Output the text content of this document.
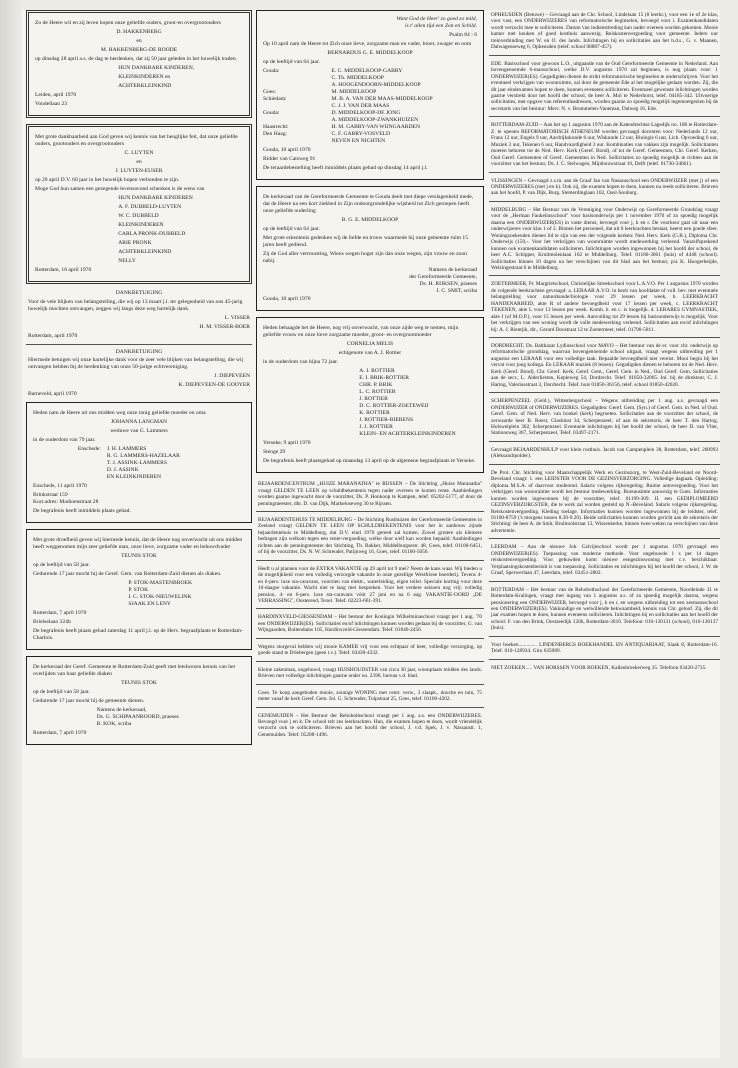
Zo de Heere wil en zij leven hopen onze geliefde ouders, groot-en overgrootouders

D. HAKKENBERG

en

M. HAKKENBERG-DE ROODE

op dinsdag 28 april a.s. de dag te herdenken, dat zij 50 jaar geleden in het huwelijk traden.

HUN DANKBARE KINDEREN,

KLEINKINDEREN en

ACHTERKLEINKIND

Leiden, april 1970

Vondellaan 23

Met grote dankbaarheid aan God geven wij kennis van het heuglijke feit, dat onze geliefde ouders, grootouders en overgrootouders

C. LUYTEN

en

J. LUYTEN-EUSER

op 20 april D.V. 60 jaar in het huwelijk hopen verbonden te zijn.

Moge God hun samen een gezegende levensavond schenken is de wens van

HUN DANKBARE KINDEREN

A. F. DUBBELD-LUYTEN

W. C. DUBBELD

KLEINKINDEREN

CARLA PRONK-DUBBELD

ARIE PRONK

ACHTERKLEINKIND

NELLY

Rotterdam, 16 april 1970

DANKBETUIGING

Voor de vele blijken van belangstelling, die wij op 13 maart j.l. ter gelegenheid van ons 45-jarig huwelijk mochten ontvangen, zeggen wij langs deze weg hartelijk dank.

L. VISSER

H. M. VISSER-BOER

Rotterdam, april 1970

DANKBETUIGING

Hiermede betuigen wij onze hartelijke dank voor de zeer vele blijken van belangstelling, die wij ontvangen hebben bij de herdenking van onze 50-jarige echtvereniging.

J. DIEPEVEEN

K. DIEPEVEEN-DE GOOYER

Barneveld, april 1970

Heden nam de Heere uit ons midden weg onze innig geliefde moeder en oma

JOHANNA LANGMAN

weduwe van G. Lammers

in de ouderdom van 79 jaar.

Enschede: J. H. LAMMERS
R. G. LAMMERS-HAZELAAR
T. J. ASSINK-LAMMERS
D. J. ASSINK
EN KLEINKINDEREN

Enschede, 11 april 1970

Brinkstraat 159

Korr.adres: Madioenstraat 28

De begrafenis heeft inmiddels plaats gehad.

Met grote droefheid geven wij hiermede kennis, dat de Heere nog onverwacht uit ons midden heeft weggenomen mijn zeer geliefde man, onze lieve, zorgzame vader en behuwdvader

TEUNIS STOK

op de leeftijd van 58 jaar.

Gedurende 17 jaar mocht hij de Geref. Gem. van Rotterdam-Zuid dienen als diaken.

P. STOK-MASTENBROEK

P. STOK

I. C. STOK-NIEUWELINK

SJAAK EN LENY

Rotterdam, 7 april 1970

Brielselaan 324b

De begrafenis heeft plaats gehad zaterdag 11 april j.l. op de Herv. begraafplaats te Rotterdam-Charlois.

De kerkeraad der Geref. Gemeente te Rotterdam-Zuid geeft met leedwezen kennis van het overlijden van haar geliefde diaken

TEUNIS STOK

op de leeftijd van 58 jaar.

Gedurende 17 jaar mocht hij de gemeente dienen.

Namens de kerkeraad,

Ds. G. SCHIPAANBOORD, praeses

B. KOK, scriba

Rotterdam, 7 april 1970

Want God de Heer' zo goed zo mild,

is t' allen tijd een Zon en Schild.

Psalm 84 : 6

Op 10 april nam de Heere tot Zich onze lieve, zorgzame man en vader, broer, zwager en oom

BERNARDUS G. E. MIDDELKOOP

op de leeftijd van 64 jaar.

Gouda:	E. C. MIDDELKOOP-GABRY
C. Th. MIDDELKOOP
A. HOOGENDOORN-MIDDELKOOP
Goes:	M. MIDDELKOOP
Schiedam:	M. B. A. VAN DER MAAS-MIDDELKOOP
C. J. J. VAN DER MAAS
Gouda:	D. MIDDELKOOP-DE JONG
A. MIDDELKOOP-ZWANKHUIZEN
Haastrecht:	H. M. GABRY-VAN WIJNGAARDEN
Den Haag:	C. F. GABRY-VOSVELD
NEVEN EN NICHTEN

Gouda, 10 april 1970

Ridder van Catsweg 91

De teraardebestelling heeft inmiddels plaats gehad op dinsdag 14 april j.l.

De kerkeraad van de Gereformeerde Gemeente te Gouda deelt met diepe verslagenheid mede, dat de Heere na een kort ziekbed in Zijn ondoorgrondelijke wijsheid tot Zich geroepen heeft onze geliefde ouderling

B. G. E. MIDDELKOOP

op de leeftijd van 64 jaar.

Met grote erkentenis gedenken wij de liefde en trouw waarmede hij onze gemeente ruim 15 jaren heeft gediend.

Zij de God aller vertroosting, Wiens wegen hoger zijn dan onze wegen, zijn vrouw en zoon nabij.

Namens de kerkeraad

der Gereformeerde Gemeente,

Ds. H. RIJKSEN, praeses

J. C. SMIT, scriba

Gouda, 10 april 1970

Heden behaagde het de Heere, nog vrij onverwacht, van onze zijde weg te nemen, mijn geliefde vrouw en onze lieve zorgzame moeder, groot- en overgrootmoeder

CORNELIA MELIS

echtgenote van A. J. Rottier

in de ouderdom van bijna 72 jaar.

A. J. ROTTIER
E. I. BRIK-ROTTIER
CHR. P. BRIK
L. C. ROTTIER
J. ROTTIER
D. C. ROTTIER-ZOETEWEIJ
K. ROTTIER
J. ROTTIER-BIERENS
J. J. ROTTIER
KLEIN- EN ACHTERKLEINKINDEREN

Yerseke, 9 april 1970

Stenge 29

De begrafenis heeft plaatsgehad op maandag 13 april op de algemene begraafplaats te Yerseke.

BEJAARDENCENTRUM „HUIZE MARANATHA" te RIJSSEN – De Stichting „Huize Maranatha" vraagt GELDEN TE LEEN op schuldbekentenis tegen nader overeen te komen rente. Aanbiedingen worden gaarne ingewacht door de voorzitter, Ds. P. Honkoop te Kampen, telef. 05202-5177, of door de penningmeester, dhr. D. van Dijk, Markeloseweg 30 te Rijssen.
BEJAARDENTEHUIS TE MIDDELBURG – De Stichting Rusthuizen der Gereformeerde Gemeenten in Zeeland vraagt GELDEN TE LEEN OP SCHULDBEKENTENIS voor het in aanbouw zijnde bejaardentehuis te Middelburg, dat D.V. eind 1970 gereed zal komen. Zowel grotere als kleinere bedragen zijn welkom tegen een rente-vergoeding, welke door u/elf kan worden bepaald. Aanbiedingen richten aan de penningmeester der Stichting, Th. Bakker, Middelburgsestr. 48, Goes, telef. 01100-6451, of bij de voorzitter, Ds. N. W. Schreuder, Patijnweg 16, Goes, telef. 01100-5056.
Heeft u al plannen voor de EXTRA VAKANTIE op 29 april tot 9 mei? Neem de kans waar. Wij bieden u de mogelijkheid voor een volledig verzorgde vakantie in onze gezellige Westfriese boerderij. Tevens 4- en 6-pers. luxe sta-caravans, voorzien van elektr., waterleiding, eigen toilet. Speciale korting voor deze 10-daagse vakantie. Wacht niet te lang met bespreken. Voor het verdere seizoen nog vrij: volledig pension, 4- en 6-pers. luxe sta-caravans vóór 27 juni en na 6 aug. VAKANTIE-OORD „DE VERRASSING", Oosterend, Texel. Telef. 02223-661-391.
HARDINXVELD-GIESSENDAM – Het bestuur der Koningin Wilhelminaschool vraagt per 1 aug. '70 een ONDERWIJZER(ES). Sollicitaties en/of inlichtingen kunnen worden gedaan bij de voorzitter, G. van Wijngaarden, Buitendams 105, Hardinxveld-Giessendam. Telef. 01846-2456.
Wegens storgeval hebben wij mooie KAMER vrij voor een echtpaar of heer, volledige verzorging, op goede stand te Driebergen (geen t.v.). Telef. 03438-4332.
Kleine zakenman, ongehuwd, vraagt HUISHOUDSTER van circa 30 jaar, woonplaats midden des lands. Brieven met volledige inlichtingen gaarne onder no. 2396, bureau v.d. blad.
Goes. Te koop aangeboden mooie, zonnige WONING met centr. verw., 3 slaapk., douche en tuin, 75 meter vanaf de kerk Geref. Gem. Inl. G. Schreuder, Tulpstraat 25, Goes, telef. 01100-4302.
GENEMUIDEN – Het Bestuur der Rehobothschool vraagt per 1 aug. a.s. een ONDERWIJZERES. Bevoegd voor j en k. De school telt zes leerkrachten. Hun, die examen hopen te doen, wordt vriendelijk verzocht ook te solliciteren. Brieven aan het hoofd der school, J. v.d. Spek, J. v. Nassaustr. 1, Genemuiden. Telef. 05208-1496.
OPHEUSDEN (Betuwe) – Gevraagd aan de Chr. School, Lindelaan 15 (8 leerkr.), voor een 1e of 2e klas, voor vast, een ONDERWIJZERES van reformatorische beginselen, bevoegd voor i. Examenkandidaten wordt verzocht mee te solliciteren. Datum van indiensttreding kan nader overeen worden gekomen. Mooie kamer met keuken of goed kosthuis aanwezig. Reiskostenvergoeding voor gemeente. Iedere uur treinverbinding met W. en O. des lands. Inlichtingen bij en sollicitaties aan het h.d.s., G. v. Maanen, Dalwagenseweg 6, Opheusden (telef. school 08887-457).
EDE. Basisschool voor gewoon L.O., uitgaande van de Oud Gereformeerde Gemeente in Nederland. Aan bovengenoemde 6-mansschool, welke D.V. augustus 1970 zal beginnen, is nog plaats voor: 1 ONDERWIJZER(ES). Gegadigden dienen de strikt reformatorische beginselen te onderschrijven. Voor het eventueel verkrijgen van woonruimte, zal door de gemeente Ede al het mogelijke gedaan worden. Zij, die dit jaar eindexamen hopen te doen, kunnen eveneens solliciteren. Eventueel gewenste inlichtingen worden gaarne verstrekt door het hoofd der school, de heer A. Mol te Nederhorst, telef. 04185-342. Uitvoerige sollicitaties, met opgave van referentieadressen, worden gaarne zo spoedig mogelijk tegemoetgezien bij de secretaris van het bestuur: Mevr. N. v. Brummelen-Vaneman, Dalweg 16, Ede.
ROTTERDAM-ZUID – Aan het op 1 augustus 1970 aan de Katendrechtse Lagedijk no. 186 te Rotterdam-Z. te openen REFORMATORISCH ATHENEUM worden gevraagd docenten voor: Nederlands 12 uur, Frans 12 uur, Engels 9 uur, Aardrijkskunde 6 uur, Wiskunde 12 uur, Biologie 6 uur, Lich. Opvoeding 6 uur, Muziek 3 uur, Tekenen 6 uur, Handvaardigheid 3 uur. Kombinaties van vakken zijn mogelijk. Sollicitanten moeten behoren tot de Ned. Herv. Kerk (Geref. Bond), of tot de Geref. Gemeenten, Chr. Geref. Kerken, Oud Geref. Gemeenten of Geref. Gemeenten in Ned. Sollicitaties zo spoedig mogelijk te richten aan de voorzitter van het bestuur, Ds. J. C. Stelwagen, Mijnbouwstraat 10, Delft (telef. 01730-34661).
VLISSINGEN – Gevraagd z.s.m. aan de Graaf Jan van Nassauschool een ONDERWIJZER (met j) of een ONDERWIJZERES (met j en k). Ook zij, die examen hopen te doen, kunnen nu reeds solliciteren. Brieven aan het hoofd, P. van Dijk, Burg. Stemerdinglaan 102, Oost-Souburg.
MIDDELBURG – Het Bestuur van de Vereniging voor Onderwijs op Gereformeerde Grondslag vraagt voor de „Herman Faukeliusschool" voor basisonderwijs per 1 november 1970 of zo spoedig mogelijk daarna een ONDERWIJZER(ES) in vaste dienst, bevoegd voor j, k en r. De voorkeur gaat uit naar een onderwijzeres voor klas 1 of 2. Binnen het personeel, dat uit 6 leerkrachten bestaat, heerst een goede sfeer. Woningzoekenden dienen lid te zijn van een der volgende kerken: Ned. Herv. Kerk (G.B.), Diploma Chr. Onderwijs (150,-. Voor het verkrijgen van woonruimte wordt medewerking verleend. Vanzelfsprekend kunnen ook examenkandidaten solliciteren. Inlichtingen worden ingewonnen bij het hoofd der school, de heer A.C. Schipper, Kruitmolenlaan 102 te Middelburg. Telef. 01180-3061 (huis) of 4448 (school). Sollicitaties binnen 10 dagen na het verschijnen van dit blad aan het bestuur, p/a K. Hoogerheijde, Welzingestraat 6 te Middelburg.
ZOETERMEER, Pr. Margrietschool, Christelijke Streekschool voor L.A.V.O. Per 1 augustus 1970 worden de volgende leerkrachten gevraagd: a. LERAAR A.V.O. in bezit van hoofdakte of voll. bev. met eventuele belangstelling voor natuurkunde/biologie voor 29 lessen per week, b. LEERKRACHT HANDENARBEID, akte R of andere bevoegdheid voor 17 lessen per week, c. LEERKRACHT TEKENEN, akte L voor 13 lessen per week. Komb. b. en c. is mogelijk. d. LERARES GYMNASTIEK, akte J (of M.O.P.), voor 15 lessen per week. Aanvulling tot 29 lessen bij basisonderwijs is mogelijk. Voor het verkrijgen van een woning wordt de volle medewerking verleend. Sollicitaties aan en/of inlichtingen bij: A. J. Rientjik, dir., Gerard Doustraat 12 te Zoetermeer, telef. 01790-5811.
DORDRECHT, Ds. Balthazar Lydiusschool voor MAVO – Het bestuur van de er. voor chr. onderwijs op reformatorische grondslag, waarvan bovengenoemde school uitgaat, vraagt wegens uitbreiding per 1 augustus een LERAAR voor een volledige taak. Bepaalde bevoegdheid niet vereist. Mooi begin bij het vervat voor jong kollega. En LERAAR muziek (8 lessen). Gegadigden dienen te behoren tot de Ned. Herv. Kerk (Geref. Bond), Chr. Geref. Kerk, Geref. Gem., Geref. Gem. in Ned., Oud Geref. Gem. Sollicitaties aan de secr., L. Alderliesten, Kepleweg 54, Dordrecht. Telef. 01850-32065. Inl. bij de direkteur, C. J. Hartog, Valeriusstraat 3, Dordrecht. Telef. huis 01850-36156, telef. school 01850-42020.
SCHERPENZEEL (Geld.), Wittenbergschool – Wegens uitbreiding per 1 aug. a.s. gevraagd een ONDERWIJZER of ONDERWIJZERES. Gegadigden: Geref. Gem. (Syn.) of Geref. Gem. in Ned. of Oud. Geref. Gem. of Ned. Herv. van bonkel (kerk) begroeten. Sollicitaties aan de voorzitter der school, de zerwaarde heer B. Roest, Glasbinst 34, Scherpenzeel; of aan de sekretaris, de heer T. den Hartog, Holsweiplein 302, Scherpenzeel. Eventuele inlichtingen bij het hoofd der school, de heer D. van Vliet, Stationsweg 367, Scherpenzeel, Telef. 03497-2171.
Gevraagd BEJAARDENHULP voor klein rusthuis. Jacob van Campenplein 38, Rotterdam, telef. 200993 (Aleksandrpolder).
De Prot. Chr. Stichting voor Maatschappelijk Werk en Gezinszorg, te West-Zuid-Beveland en Noord-Beveland vraagt: 1. een LEIDSTER VOOR DE GEZINSVERZORGING. Volledige dagtaak. Opleiding: diploma M.S.A. of daarvoor studerend. Salaris volgens rijksregeling. Ruime autovergoeding. Voor het verkrijgen van woonruimte wordt het bestuur medewerking. Bureausimte aanwezig te Goes. Informaties kunnen worden ingewonnen bij de voorzitter, telef. 01199-309. II. een GEDIPLOMEERD GEZINSVERZORGSTER, die te werk zal worden gesteld op N.-Beveland. Salaris volgens rijksregeling. Reiskostenvergoeding. Kleding toelage. Informaties kunnen worden ingewonnen bij de leidster, telef. 01100-8759 ('s morgens tussen 8.30-9.20). Beide sollicitaties kunnen worden gericht aan de sekretaris der Stichting: de heer A. de Smit, Bruittoolstraat 12, Wissenkerke, binnen twee weken na verschijnen van deze advertentie.
LEERDAM – Aan de nieuwe Joh. Calvijnschool wordt per 1 augustus 1970 gevraagd een ONDERWIJZER(ES). Toepassing van moderne methode. Voor ongehuwde 1 x per 14 dagen reiskostenvergoeding. Voor gehuwden komt nieuwe eengezinswoning met c.v. beschikbaar. Verplaatsingskostenbesluit is van toepassing. Sollicitaties en inlichtingen bij het hoofd der school, J. W. de Graaf, Sperwerlaan 47, Leerdam, telef. 03451-2802.
ROTTERDAM – Het bestuur van de Rehobothschool der Gereformeerde Gemeente, Noordeinde 31 te Rotterdam-Kralingen, vraagt met ingang van 1 augustus a.s. of zo spoedig mogelijk daarna, wegens pensionering een ONDERWIJZER, bevoegd voor j, k en r, en wegens uitbreiding tot een zesmansschool een ONDERWIJZER(ES). Vakkundige en welwillende bekwaamheid, kennis van Chr. geloof. Zij, die dit jaar examen hopen te doen, kunnen eveneens solliciteren. Inlichtingen bij en sollicitaties aan het hoofd der school: F. van den Brink, Oostzeedijk 120b, Rotterdam-3016. Telefoon: 010-130131 (school), 010-130137 (huis).
Voor boeken.............. LINDENBERGS BOEKHANDEL EN ANTIQUARIAAT, Slaak 8, Rotterdam-16. Telef. 010-128934. Giro 635089.
NIET ZOEKEN..... VAN HORSSEN VOOR BOEKEN, Kallenbroekerweg 35. Telefoon 03420-2735.
